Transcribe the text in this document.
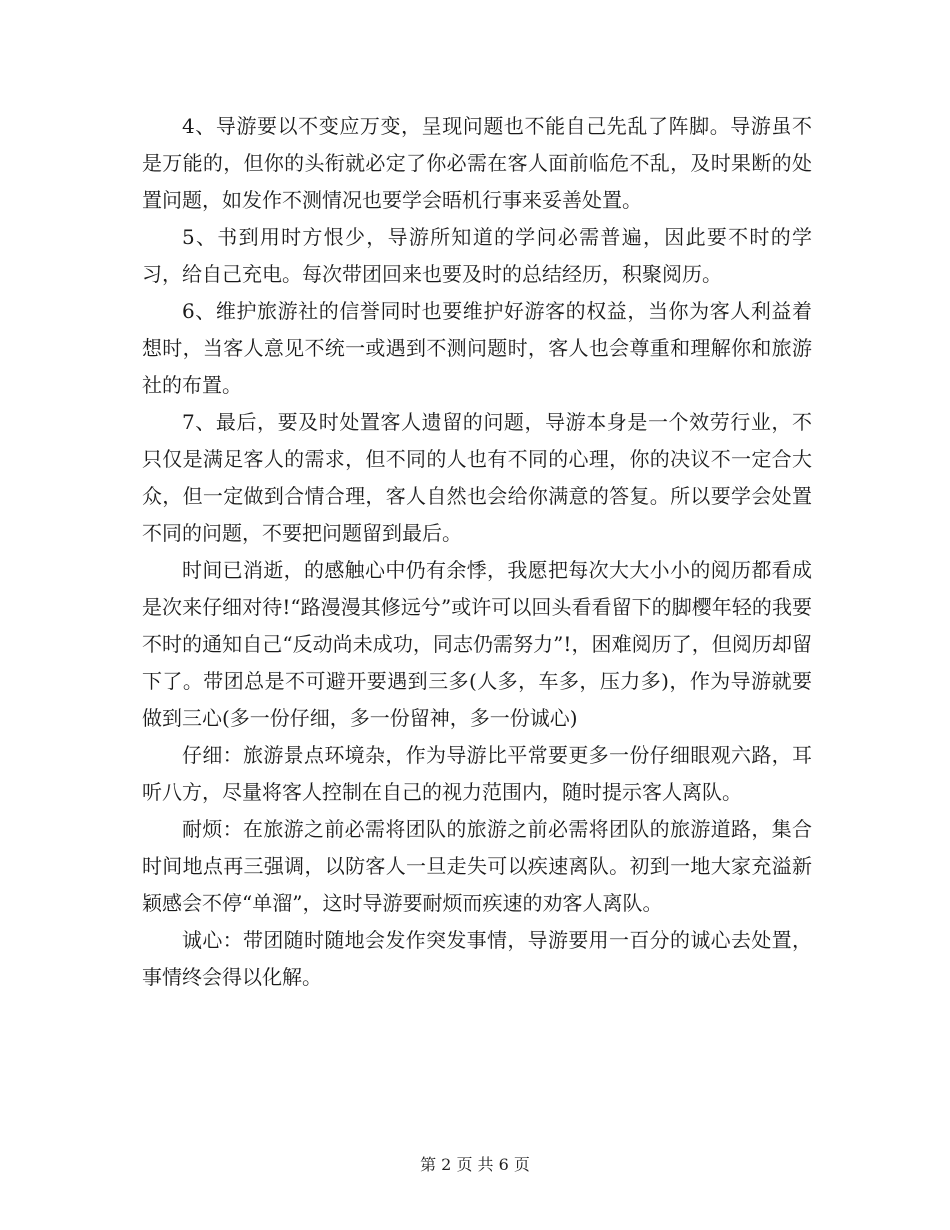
4、导游要以不变应万变，呈现问题也不能自己先乱了阵脚。导游虽不是万能的，但你的头衔就必定了你必需在客人面前临危不乱，及时果断的处置问题，如发作不测情况也要学会晤机行事来妥善处置。

5、书到用时方恨少，导游所知道的学问必需普遍，因此要不时的学习，给自己充电。每次带团回来也要及时的总结经历，积聚阅历。

6、维护旅游社的信誉同时也要维护好游客的权益，当你为客人利益着想时，当客人意见不统一或遇到不测问题时，客人也会尊重和理解你和旅游社的布置。

7、最后，要及时处置客人遗留的问题，导游本身是一个效劳行业，不只仅是满足客人的需求，但不同的人也有不同的心理，你的决议不一定合大众，但一定做到合情合理，客人自然也会给你满意的答复。所以要学会处置不同的问题，不要把问题留到最后。

时间已消逝，的感触心中仍有余悸，我愿把每次大大小小的阅历都看成是次来仔细对待!“路漫漫其修远兮”或许可以回头看看留下的脚樱年轻的我要不时的通知自己“反动尚未成功，同志仍需努力”!，困难阅历了，但阅历却留下了。带团总是不可避开要遇到三多(人多，车多，压力多)，作为导游就要做到三心(多一份仔细，多一份留神，多一份诚心)

仔细：旅游景点环境杂，作为导游比平常要更多一份仔细眼观六路，耳听八方，尽量将客人控制在自己的视力范围内，随时提示客人离队。

耐烦：在旅游之前必需将团队的旅游之前必需将团队的旅游道路，集合时间地点再三强调，以防客人一旦走失可以疾速离队。初到一地大家充溢新颖感会不停“单溜”，这时导游要耐烦而疾速的劝客人离队。

诚心：带团随时随地会发作突发事情，导游要用一百分的诚心去处置，事情终会得以化解。

第 2 页 共 6 页
